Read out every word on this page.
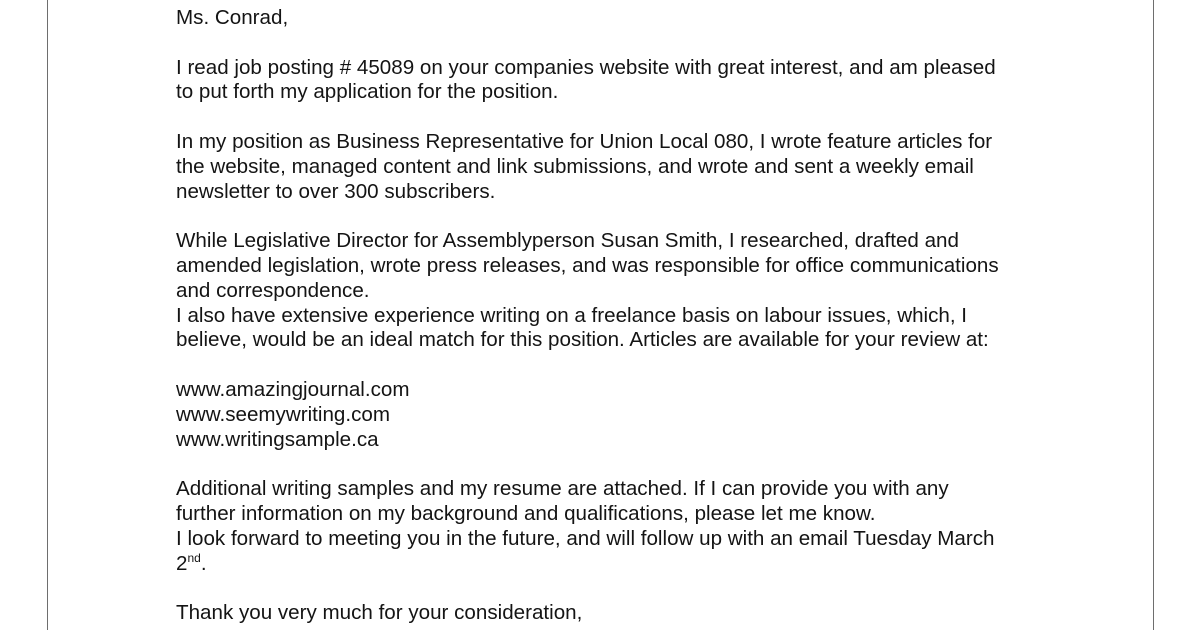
Ms. Conrad,

I read job posting # 45089 on your companies website with great interest, and am pleased

to put forth my application for the position.

In my position as Business Representative for Union Local 080, I wrote feature articles for

the website, managed content and link submissions, and wrote and sent a weekly email

newsletter to over 300 subscribers.

While Legislative Director for Assemblyperson Susan Smith, I researched, drafted and

amended legislation, wrote press releases, and was responsible for office communications

and correspondence.

I also have extensive experience writing on a freelance basis on labour issues, which, I

believe, would be an ideal match for this position. Articles are available for your review at:

www.amazingjournal.com

www.seemywriting.com

www.writingsample.ca

Additional writing samples and my resume are attached. If I can provide you with any

further information on my background and qualifications, please let me know.

I look forward to meeting you in the future, and will follow up with an email Tuesday March

2nd.

Thank you very much for your consideration,
